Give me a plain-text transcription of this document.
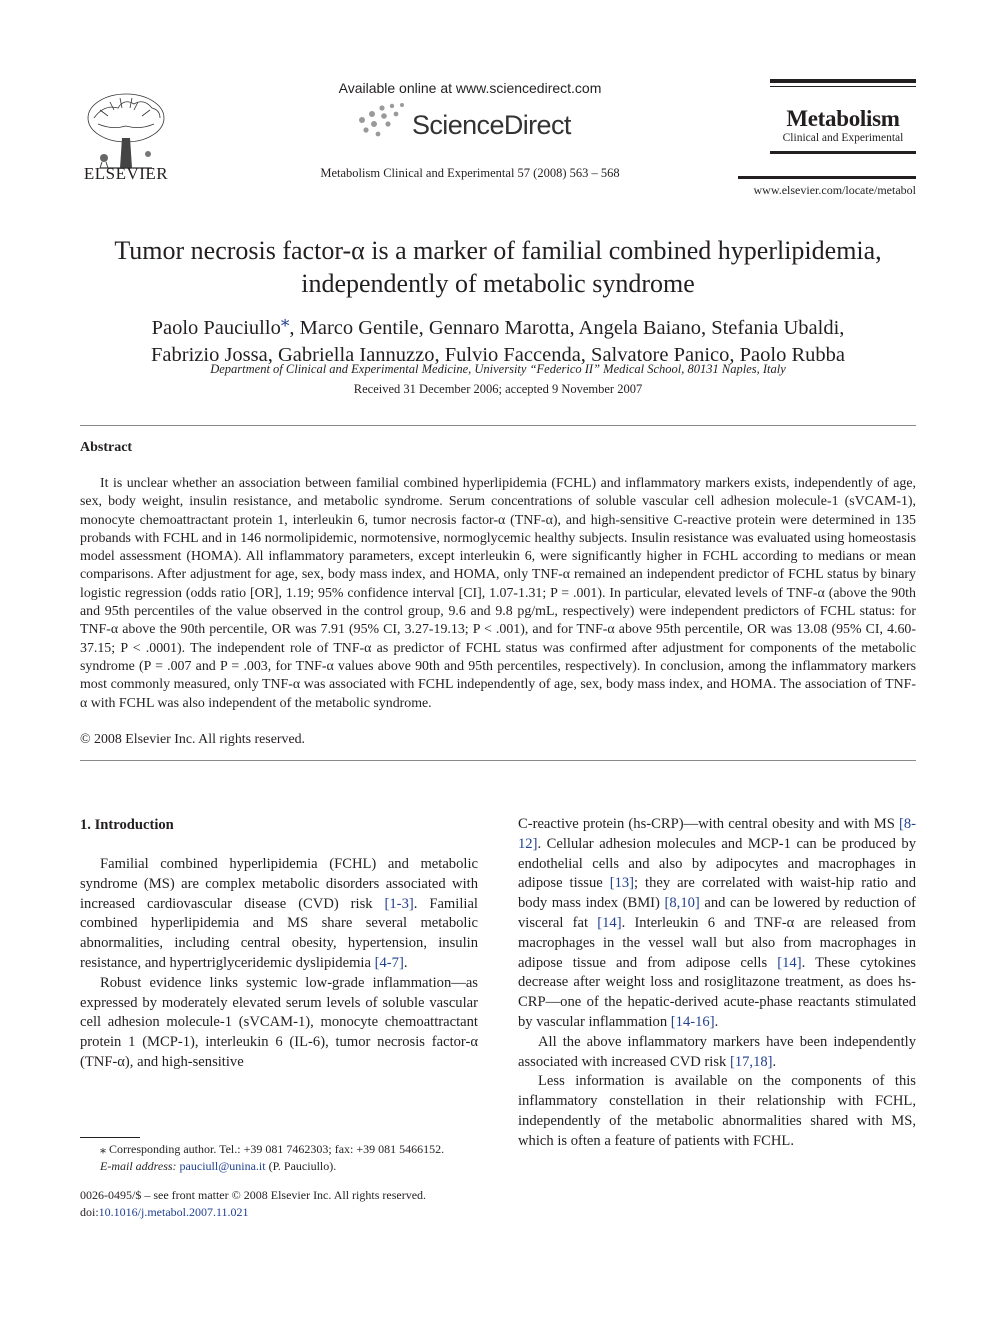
ELSEVIER
Available online at www.sciencedirect.com
ScienceDirect
Metabolism Clinical and Experimental 57 (2008) 563 – 568
Metabolism
Clinical and Experimental
www.elsevier.com/locate/metabol
Tumor necrosis factor-α is a marker of familial combined hyperlipidemia,
independently of metabolic syndrome
Paolo Pauciullo⁎, Marco Gentile, Gennaro Marotta, Angela Baiano, Stefania Ubaldi,
Fabrizio Jossa, Gabriella Iannuzzo, Fulvio Faccenda, Salvatore Panico, Paolo Rubba
Department of Clinical and Experimental Medicine, University “Federico II” Medical School, 80131 Naples, Italy
Received 31 December 2006; accepted 9 November 2007
Abstract
It is unclear whether an association between familial combined hyperlipidemia (FCHL) and inflammatory markers exists, independently of age, sex, body weight, insulin resistance, and metabolic syndrome. Serum concentrations of soluble vascular cell adhesion molecule-1 (sVCAM-1), monocyte chemoattractant protein 1, interleukin 6, tumor necrosis factor-α (TNF-α), and high-sensitive C-reactive protein were determined in 135 probands with FCHL and in 146 normolipidemic, normotensive, normoglycemic healthy subjects. Insulin resistance was evaluated using homeostasis model assessment (HOMA). All inflammatory parameters, except interleukin 6, were significantly higher in FCHL according to medians or mean comparisons. After adjustment for age, sex, body mass index, and HOMA, only TNF-α remained an independent predictor of FCHL status by binary logistic regression (odds ratio [OR], 1.19; 95% confidence interval [CI], 1.07-1.31; P = .001). In particular, elevated levels of TNF-α (above the 90th and 95th percentiles of the value observed in the control group, 9.6 and 9.8 pg/mL, respectively) were independent predictors of FCHL status: for TNF-α above the 90th percentile, OR was 7.91 (95% CI, 3.27-19.13; P < .001), and for TNF-α above 95th percentile, OR was 13.08 (95% CI, 4.60-37.15; P < .0001). The independent role of TNF-α as predictor of FCHL status was confirmed after adjustment for components of the metabolic syndrome (P = .007 and P = .003, for TNF-α values above 90th and 95th percentiles, respectively). In conclusion, among the inflammatory markers most commonly measured, only TNF-α was associated with FCHL independently of age, sex, body mass index, and HOMA. The association of TNF-α with FCHL was also independent of the metabolic syndrome.
© 2008 Elsevier Inc. All rights reserved.
1. Introduction

Familial combined hyperlipidemia (FCHL) and metabolic syndrome (MS) are complex metabolic disorders associated with increased cardiovascular disease (CVD) risk [1-3]. Familial combined hyperlipidemia and MS share several metabolic abnormalities, including central obesity, hypertension, insulin resistance, and hypertriglyceridemic dyslipidemia [4-7].

Robust evidence links systemic low-grade inflammation—as expressed by moderately elevated serum levels of soluble vascular cell adhesion molecule-1 (sVCAM-1), monocyte chemoattractant protein 1 (MCP-1), interleukin 6 (IL-6), tumor necrosis factor-α (TNF-α), and high-sensitive

C-reactive protein (hs-CRP)—with central obesity and with MS [8-12]. Cellular adhesion molecules and MCP-1 can be produced by endothelial cells and also by adipocytes and macrophages in adipose tissue [13]; they are correlated with waist-hip ratio and body mass index (BMI) [8,10] and can be lowered by reduction of visceral fat [14]. Interleukin 6 and TNF-α are released from macrophages in the vessel wall but also from macrophages in adipose tissue and from adipose cells [14]. These cytokines decrease after weight loss and rosiglitazone treatment, as does hs-CRP—one of the hepatic-derived acute-phase reactants stimulated by vascular inflammation [14-16].

All the above inflammatory markers have been independently associated with increased CVD risk [17,18].

Less information is available on the components of this inflammatory constellation in their relationship with FCHL, independently of the metabolic abnormalities shared with MS, which is often a feature of patients with FCHL.

⁎ Corresponding author. Tel.: +39 081 7462303; fax: +39 081 5466152.
E-mail address: pauciull@unina.it (P. Pauciullo).
0026-0495/$ – see front matter © 2008 Elsevier Inc. All rights reserved.
doi:10.1016/j.metabol.2007.11.021
